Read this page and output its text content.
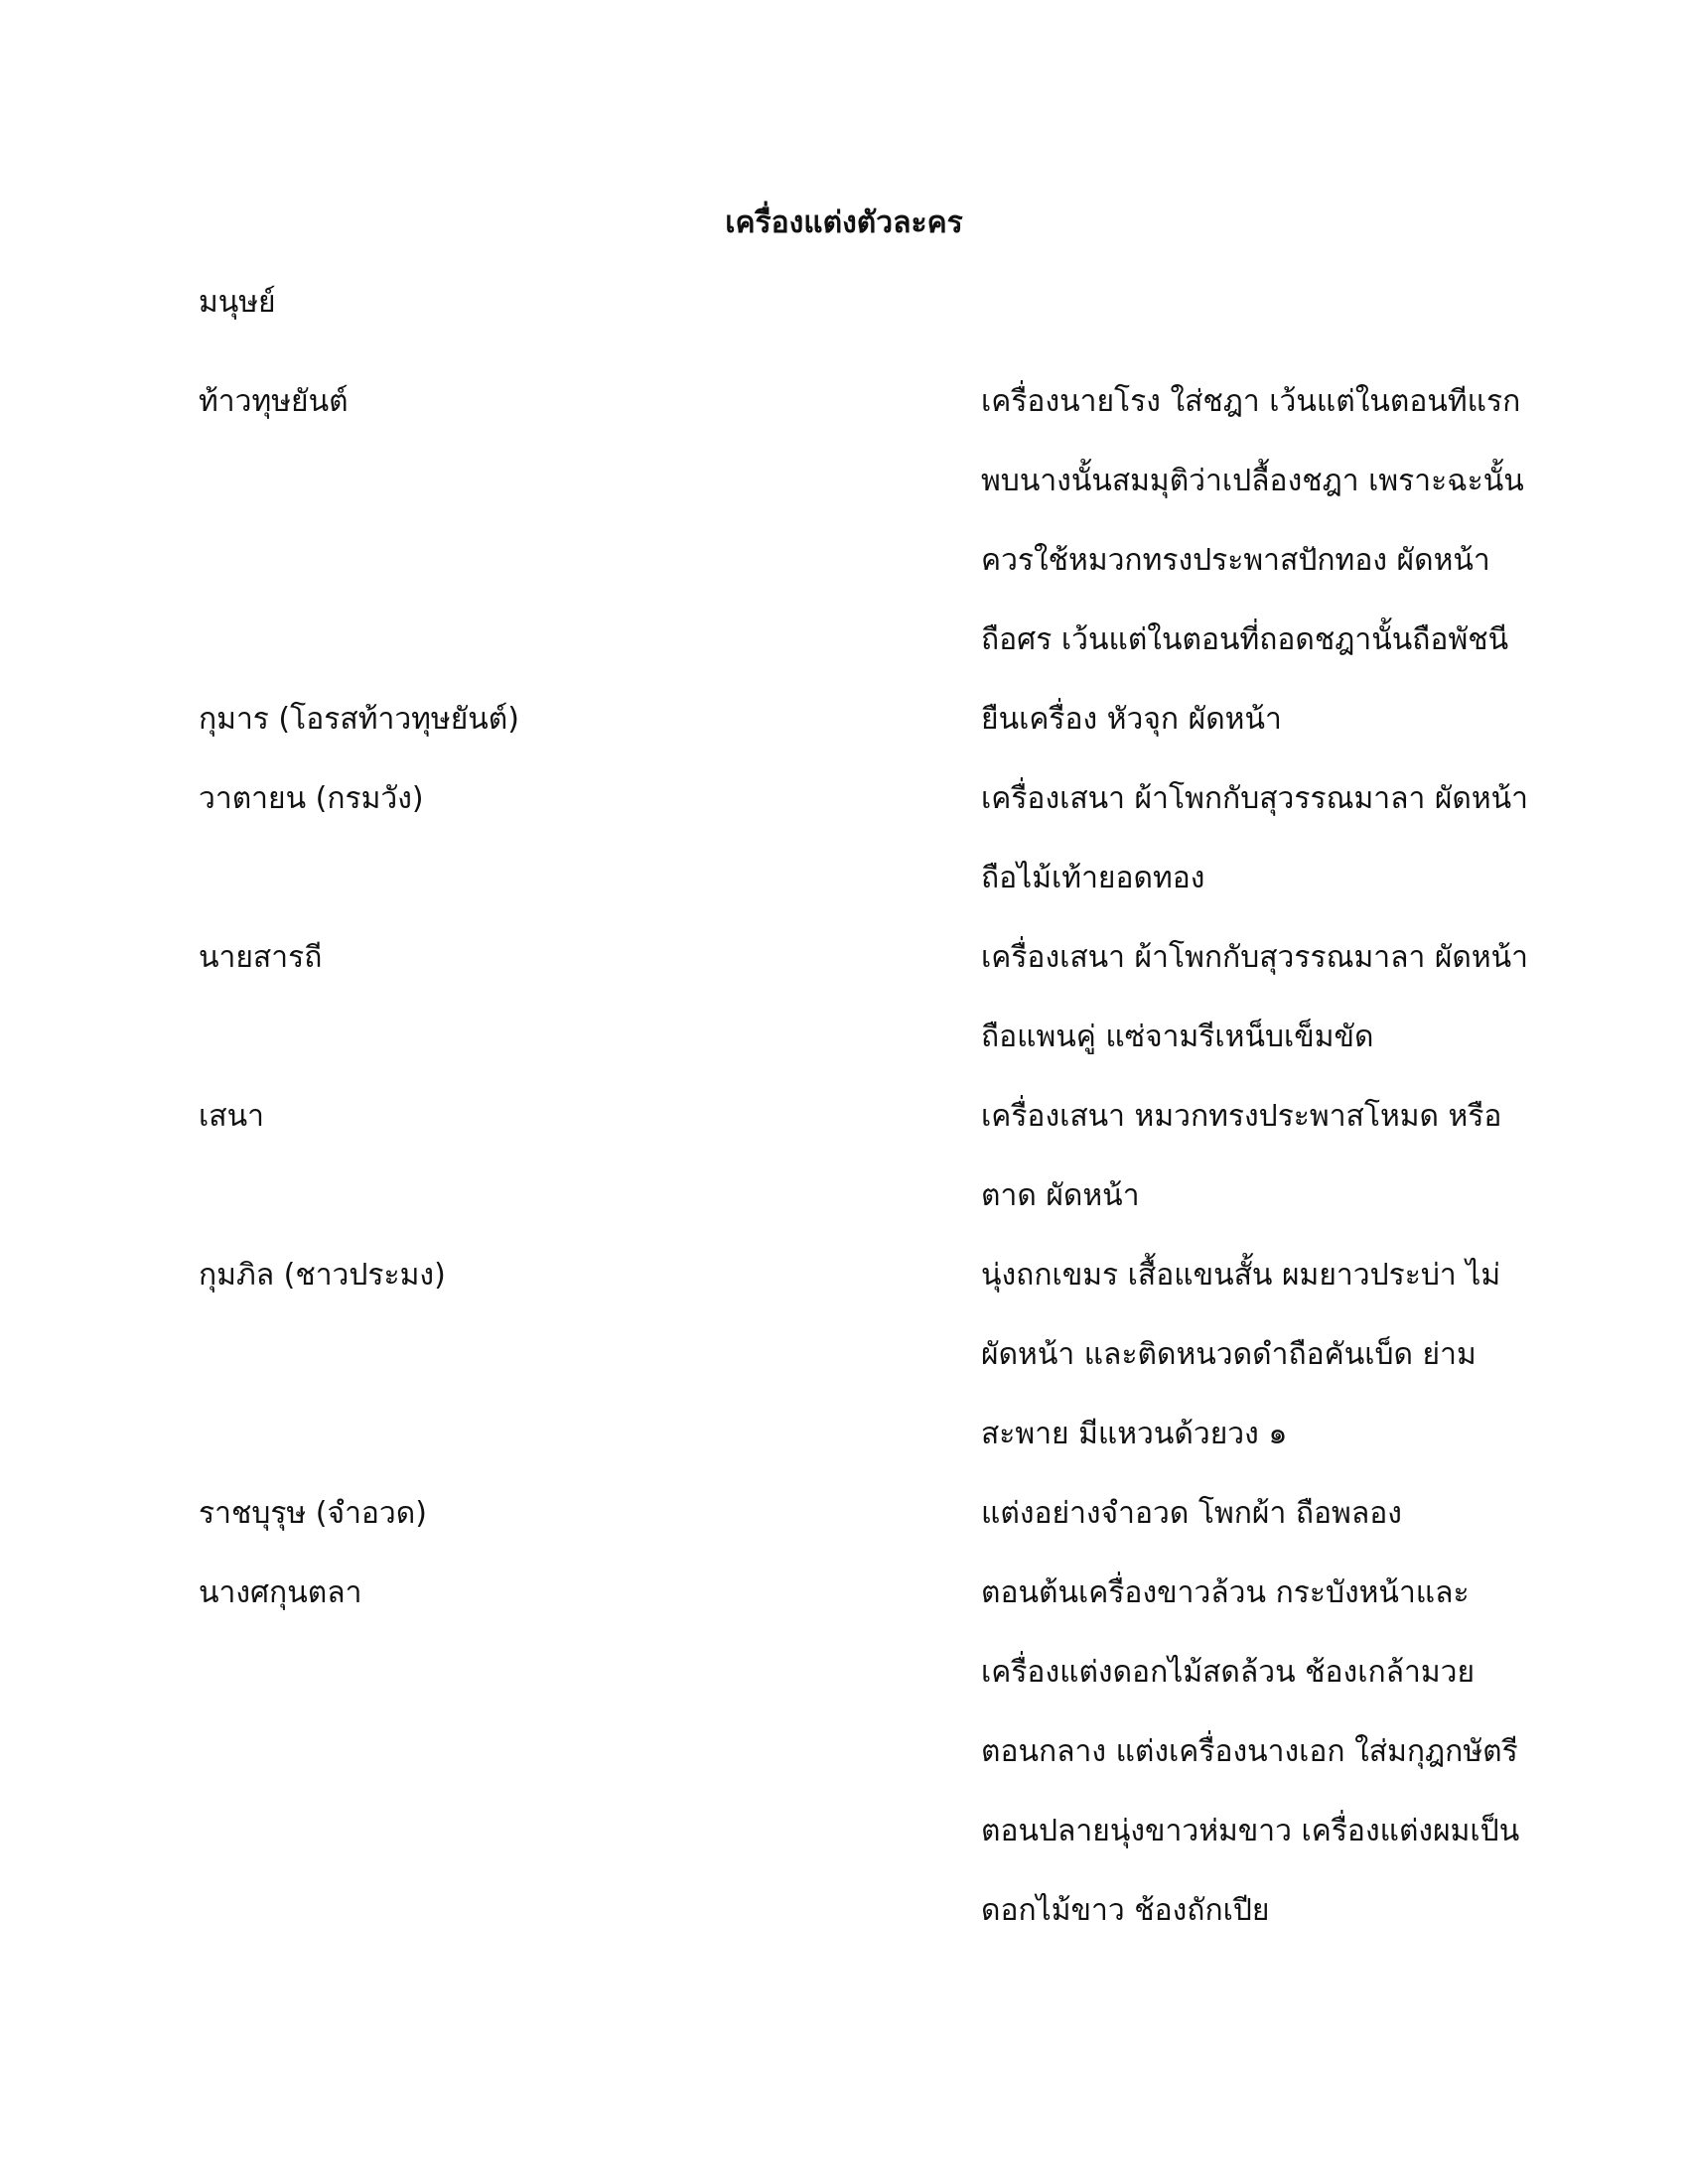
เครื่องแต่งตัวละคร
มนุษย์
ท้าวทุษยันต์	เครื่องนายโรง ใส่ชฎา เว้นแต่ในตอนทีแรก
พบนางนั้นสมมุติว่าเปลื้องชฎา เพราะฉะนั้น
ควรใช้หมวกทรงประพาสปักทอง ผัดหน้า
ถือศร เว้นแต่ในตอนที่ถอดชฎานั้นถือพัชนี
กุมาร (โอรสท้าวทุษยันต์)	ยืนเครื่อง หัวจุก ผัดหน้า
วาตายน (กรมวัง)	เครื่องเสนา ผ้าโพกกับสุวรรณมาลา ผัดหน้า
ถือไม้เท้ายอดทอง
นายสารถี	เครื่องเสนา ผ้าโพกกับสุวรรณมาลา ผัดหน้า
ถือแพนคู่ แซ่จามรีเหน็บเข็มขัด
เสนา	เครื่องเสนา หมวกทรงประพาสโหมด หรือ
ตาด ผัดหน้า
กุมภิล (ชาวประมง)	นุ่งถกเขมร เสื้อแขนสั้น ผมยาวประบ่า ไม่
ผัดหน้า และติดหนวดดำถือคันเบ็ด ย่าม
สะพาย มีแหวนด้วยวง ๑
ราชบุรุษ (จำอวด)	แต่งอย่างจำอวด โพกผ้า ถือพลอง
นางศกุนตลา	ตอนต้นเครื่องขาวล้วน กระบังหน้าและ
เครื่องแต่งดอกไม้สดล้วน ช้องเกล้ามวย
ตอนกลาง แต่งเครื่องนางเอก ใส่มกุฎกษัตรี
ตอนปลายนุ่งขาวห่มขาว เครื่องแต่งผมเป็น
ดอกไม้ขาว ช้องถักเปีย
